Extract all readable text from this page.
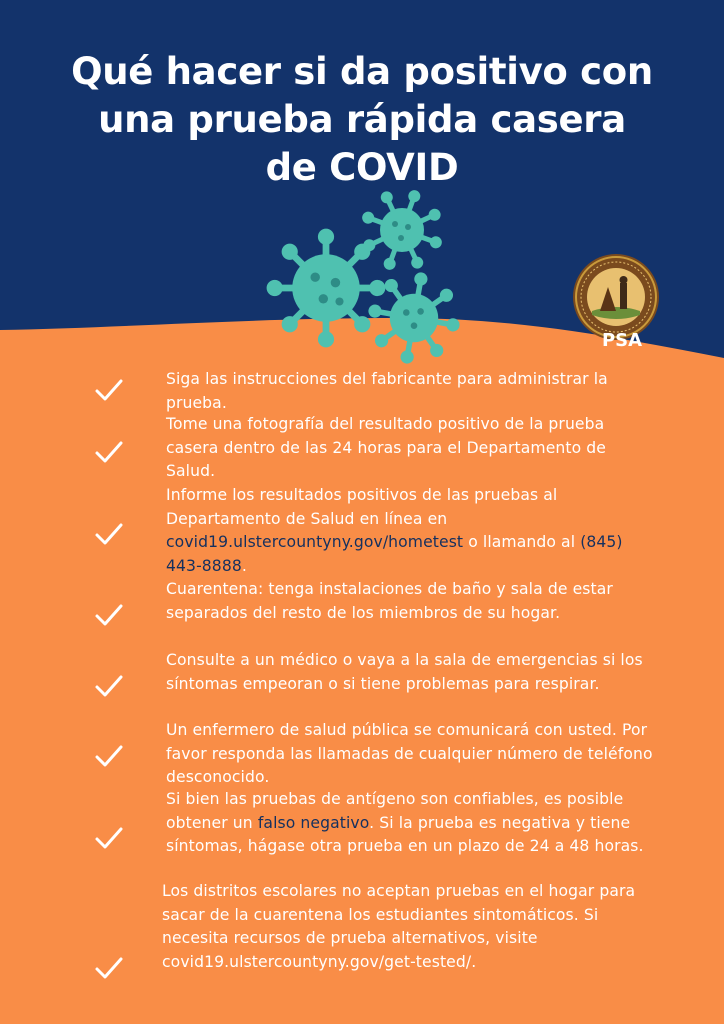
Qué hacer si da positivo con
una prueba rápida casera
de COVID
PSA
Siga las instrucciones del fabricante para administrar la prueba.
Tome una fotografía del resultado positivo de la prueba casera dentro de las 24 horas para el Departamento de Salud.
Informe los resultados positivos de las pruebas al Departamento de Salud en línea en covid19.ulstercountyny.gov/hometest o llamando al (845) 443-8888.
Cuarentena: tenga instalaciones de baño y sala de estar separados del resto de los miembros de su hogar.
Consulte a un médico o vaya a la sala de emergencias si los síntomas empeoran o si tiene problemas para respirar.
Un enfermero de salud pública se comunicará con usted. Por favor responda las llamadas de cualquier número de teléfono desconocido.
Si bien las pruebas de antígeno son confiables, es posible obtener un falso negativo. Si la prueba es negativa y tiene síntomas, hágase otra prueba en un plazo de 24 a 48 horas.
Los distritos escolares no aceptan pruebas en el hogar para sacar de la cuarentena los estudiantes sintomáticos. Si necesita recursos de prueba alternativos, visite covid19.ulstercountyny.gov/get-tested/.
